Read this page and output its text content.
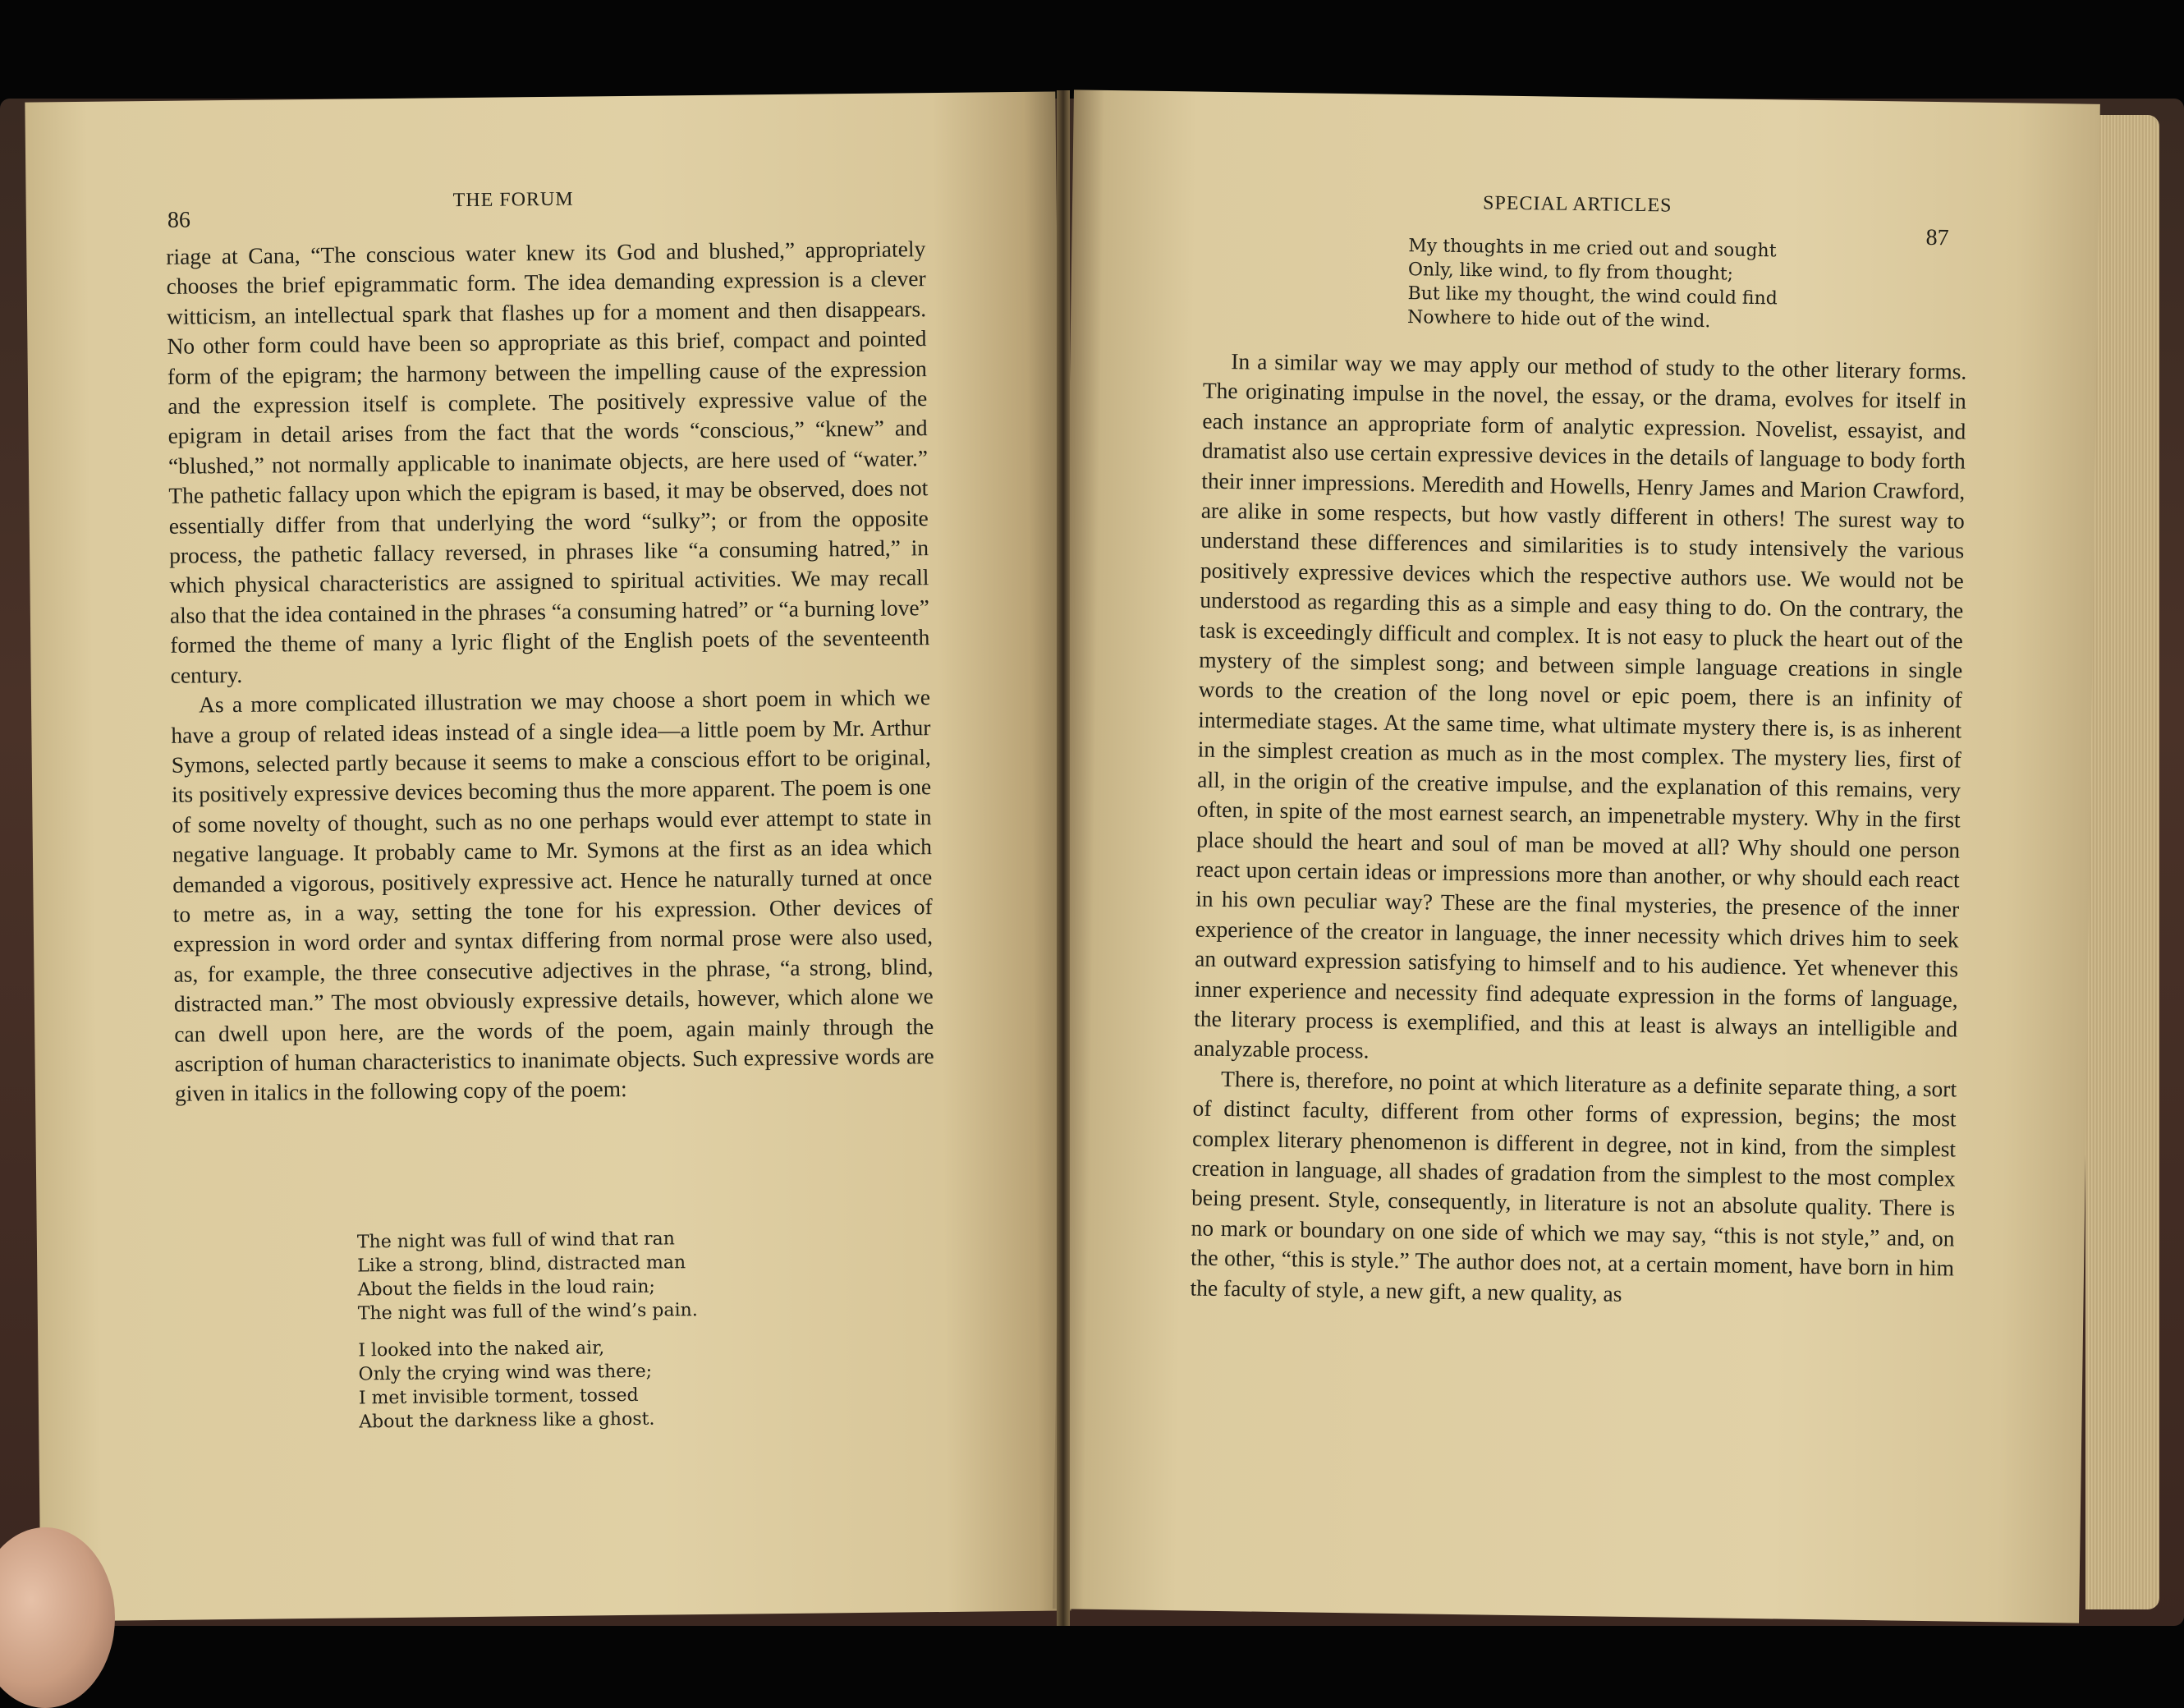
86
THE FORUM

riage at Cana, “The conscious water knew its God and blushed,” appropriately chooses the brief epigrammatic form. The idea demanding expression is a clever witticism, an intellectual spark that flashes up for a moment and then disappears. No other form could have been so appropriate as this brief, compact and pointed form of the epigram; the harmony between the impelling cause of the expression and the expression itself is complete. The positively expressive value of the epigram in detail arises from the fact that the words “conscious,” “knew” and “blushed,” not normally applicable to inanimate objects, are here used of “water.” The pathetic fallacy upon which the epigram is based, it may be observed, does not essentially differ from that underlying the word “sulky”; or from the opposite process, the pathetic fallacy reversed, in phrases like “a consuming hatred,” in which physical characteristics are assigned to spiritual activities. We may recall also that the idea contained in the phrases “a consuming hatred” or “a burning love” formed the theme of many a lyric flight of the English poets of the seventeenth century.

As a more complicated illustration we may choose a short poem in which we have a group of related ideas instead of a single idea—a little poem by Mr. Arthur Symons, selected partly because it seems to make a conscious effort to be original, its positively expressive devices becoming thus the more apparent. The poem is one of some novelty of thought, such as no one perhaps would ever attempt to state in negative language. It probably came to Mr. Symons at the first as an idea which demanded a vigorous, positively expressive act. Hence he naturally turned at once to metre as, in a way, setting the tone for his expression. Other devices of expression in word order and syntax differing from normal prose were also used, as, for example, the three consecutive adjectives in the phrase, “a strong, blind, distracted man.” The most obviously expressive details, however, which alone we can dwell upon here, are the words of the poem, again mainly through the ascription of human characteristics to inanimate objects. Such expressive words are given in italics in the following copy of the poem:

The night was full of wind that ran
Like a strong, blind, distracted man
About the fields in the loud rain;
The night was full of the wind’s pain.
I looked into the naked air,
Only the crying wind was there;
I met invisible torment, tossed
About the darkness like a ghost.
SPECIAL ARTICLES
87
My thoughts in me cried out and sought
Only, like wind, to fly from thought;
But like my thought, the wind could find
Nowhere to hide out of the wind.

In a similar way we may apply our method of study to the other literary forms. The originating impulse in the novel, the essay, or the drama, evolves for itself in each instance an appropriate form of analytic expression. Novelist, essayist, and dramatist also use certain expressive devices in the details of language to body forth their inner impressions. Meredith and Howells, Henry James and Marion Crawford, are alike in some respects, but how vastly different in others! The surest way to understand these differences and similarities is to study intensively the various positively expressive devices which the respective authors use. We would not be understood as regarding this as a simple and easy thing to do. On the contrary, the task is exceedingly difficult and complex. It is not easy to pluck the heart out of the mystery of the simplest song; and between simple language creations in single words to the creation of the long novel or epic poem, there is an infinity of intermediate stages. At the same time, what ultimate mystery there is, is as inherent in the simplest creation as much as in the most complex. The mystery lies, first of all, in the origin of the creative impulse, and the explanation of this remains, very often, in spite of the most earnest search, an impenetrable mystery. Why in the first place should the heart and soul of man be moved at all? Why should one person react upon certain ideas or impressions more than another, or why should each react in his own peculiar way? These are the final mysteries, the presence of the inner experience of the creator in language, the inner necessity which drives him to seek an outward expression satisfying to himself and to his audience. Yet whenever this inner experience and necessity find adequate expression in the forms of language, the literary process is exemplified, and this at least is always an intelligible and analyzable process.

There is, therefore, no point at which literature as a definite separate thing, a sort of distinct faculty, different from other forms of expression, begins; the most complex literary phenomenon is different in degree, not in kind, from the simplest creation in language, all shades of gradation from the simplest to the most complex being present. Style, consequently, in literature is not an absolute quality. There is no mark or boundary on one side of which we may say, “this is not style,” and, on the other, “this is style.” The author does not, at a certain moment, have born in him the faculty of style, a new gift, a new quality, as
